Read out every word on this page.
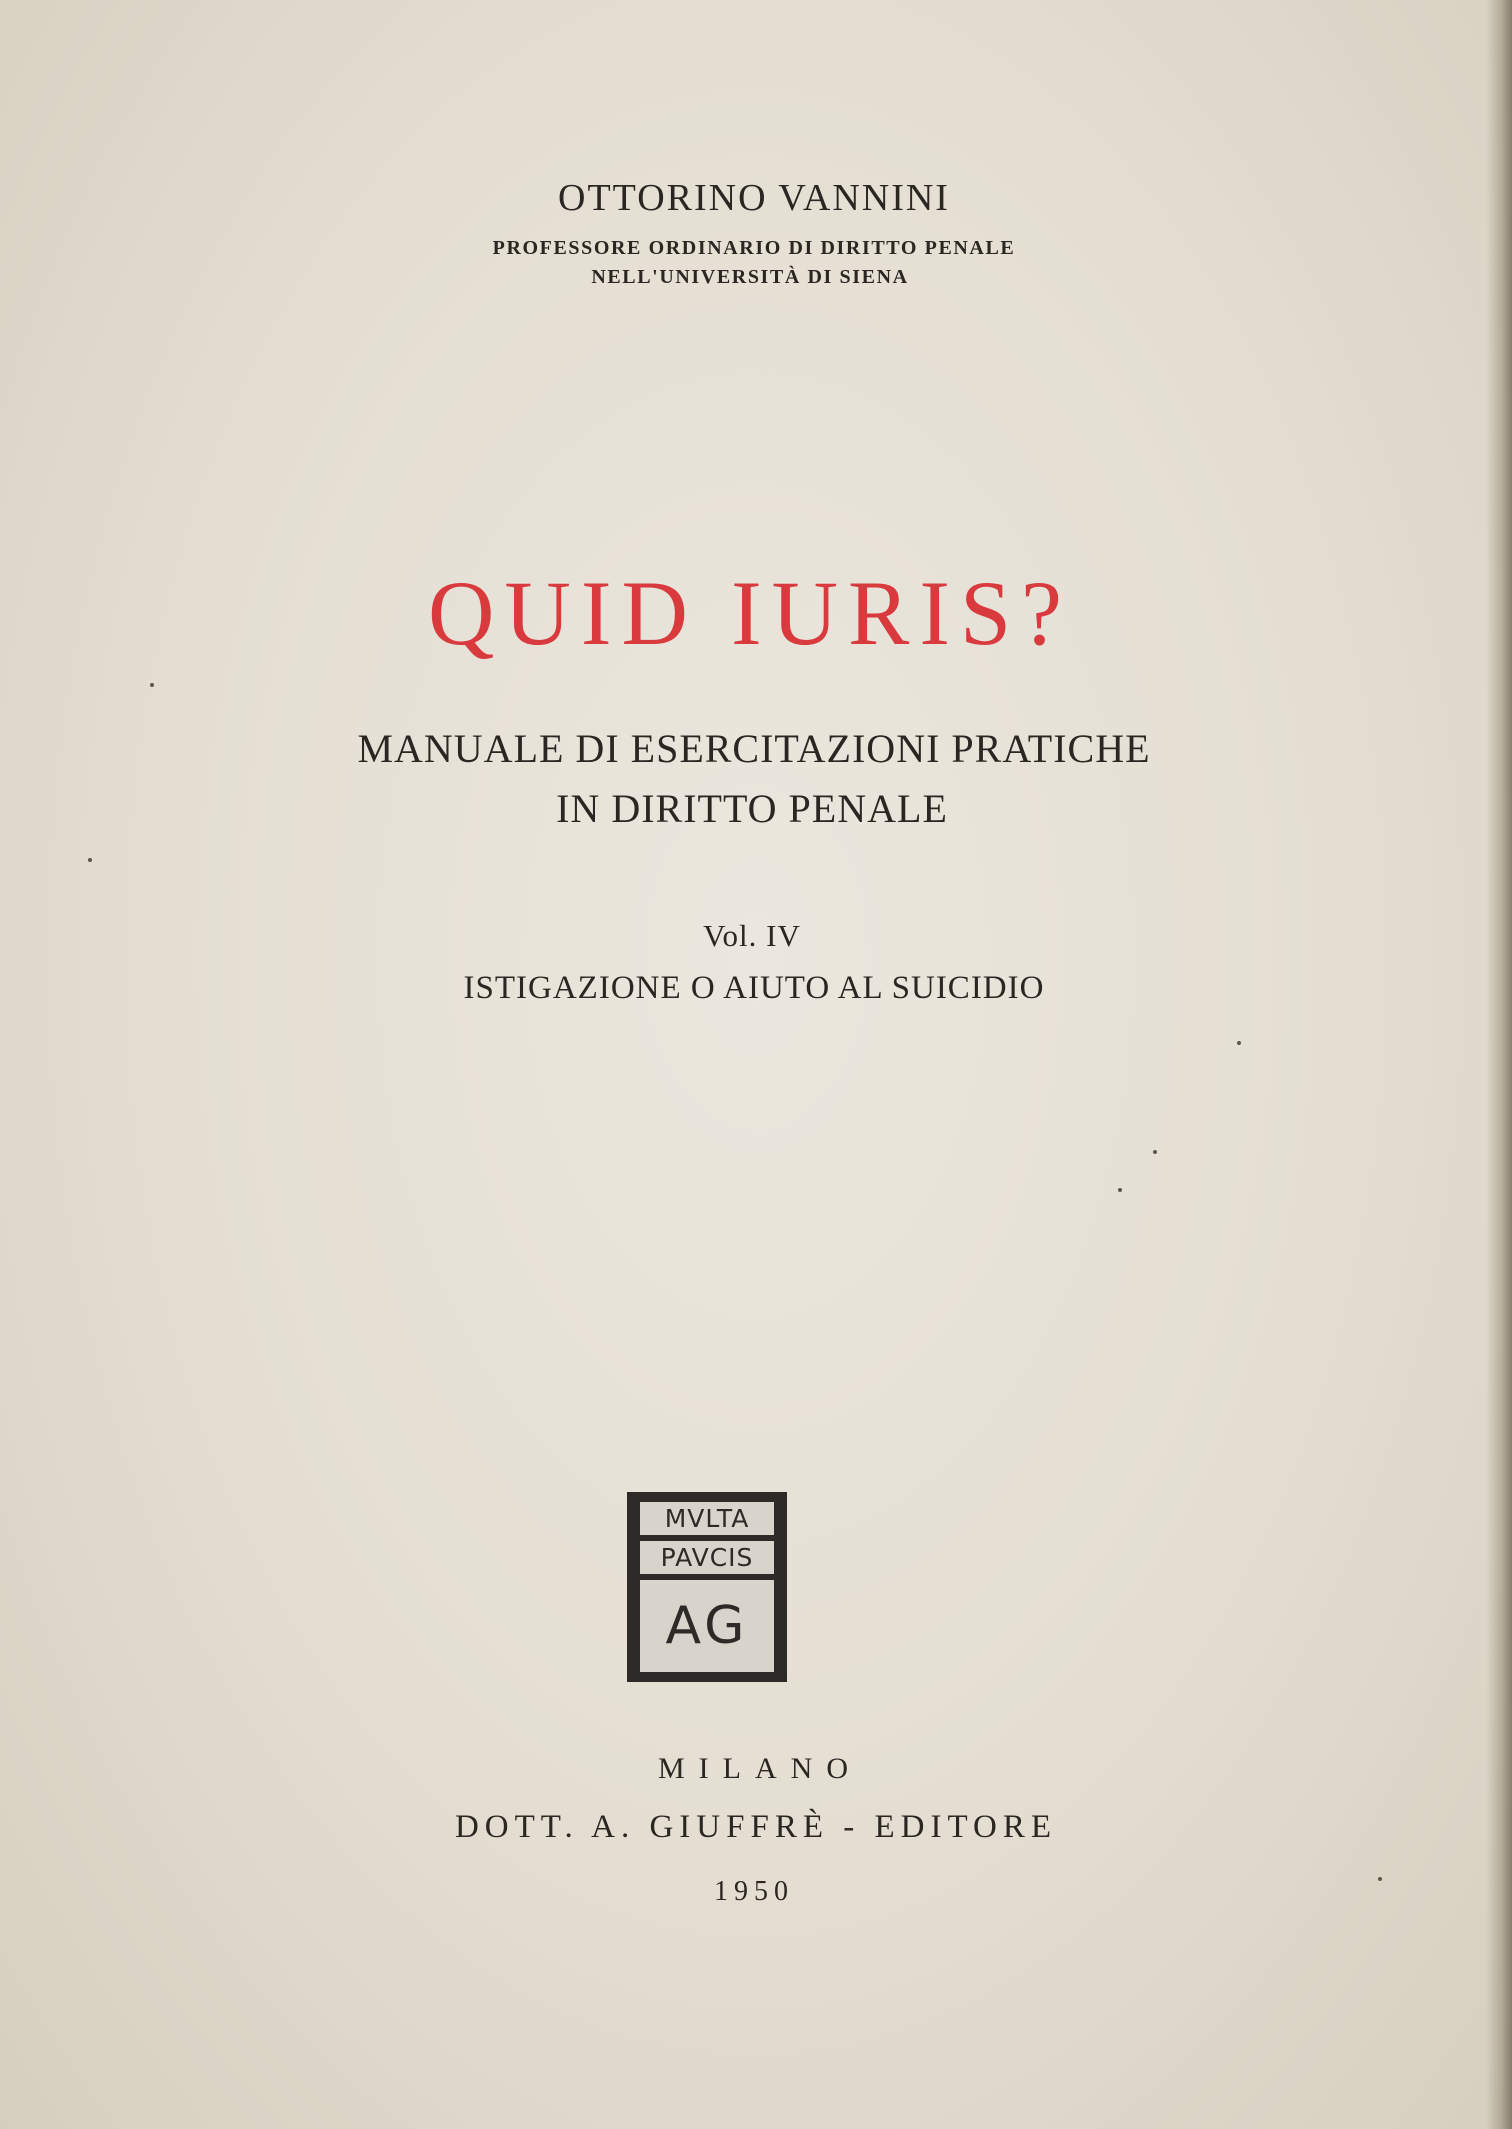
OTTORINO VANNINI
PROFESSORE ORDINARIO DI DIRITTO PENALE
NELL'UNIVERSITÀ DI SIENA
QUID IURIS?
MANUALE DI ESERCITAZIONI PRATICHE
IN DIRITTO PENALE
Vol. IV
ISTIGAZIONE O AIUTO AL SUICIDIO
MVLTA
PAVCIS
AG
MILANO
DOTT. A. GIUFFRÈ - EDITORE
1950
